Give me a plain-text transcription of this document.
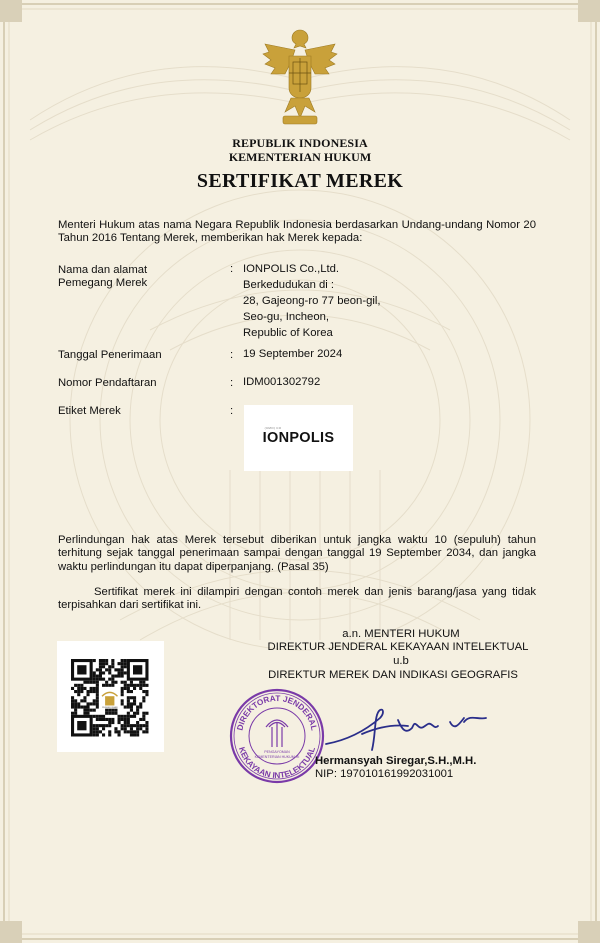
REPUBLIK INDONESIA
KEMENTERIAN HUKUM
SERTIFIKAT MEREK
Menteri Hukum atas nama Negara Republik Indonesia berdasarkan Undang-undang Nomor 20 Tahun 2016 Tentang Merek, memberikan hak Merek kepada:
Nama dan alamat
Pemegang Merek
: IONPOLIS Co.,Ltd.
Berkedudukan di :
28, Gajeong-ro 77 beon-gil,
Seo-gu, Incheon,
Republic of Korea
Tanggal Penerimaan	: 19 September 2024
Nomor Pendaftaran	: IDM001302792
Etiket Merek	:
(CMO) CO
IONPOLIS
Perlindungan hak atas Merek tersebut diberikan untuk jangka waktu 10 (sepuluh) tahun terhitung sejak tanggal penerimaan sampai dengan tanggal 19 September 2034, dan jangka waktu perlindungan itu dapat diperpanjang. (Pasal 35)
Sertifikat merek ini dilampiri dengan contoh merek dan jenis barang/jasa yang tidak terpisahkan dari sertifikat ini.
a.n. MENTERI HUKUM
DIREKTUR JENDERAL KEKAYAAN INTELEKTUAL
u.b
DIREKTUR MEREK DAN INDIKASI GEOGRAFIS
PENGAYOMAN
DIREKTORAT JENDERAL
KEKAYAAN INTELEKTUAL
PENGAYOMAN
KEMENTERIAN HUKUM RI Hermansyah Siregar,S.H.,M.H.
NIP: 197010161992031001
